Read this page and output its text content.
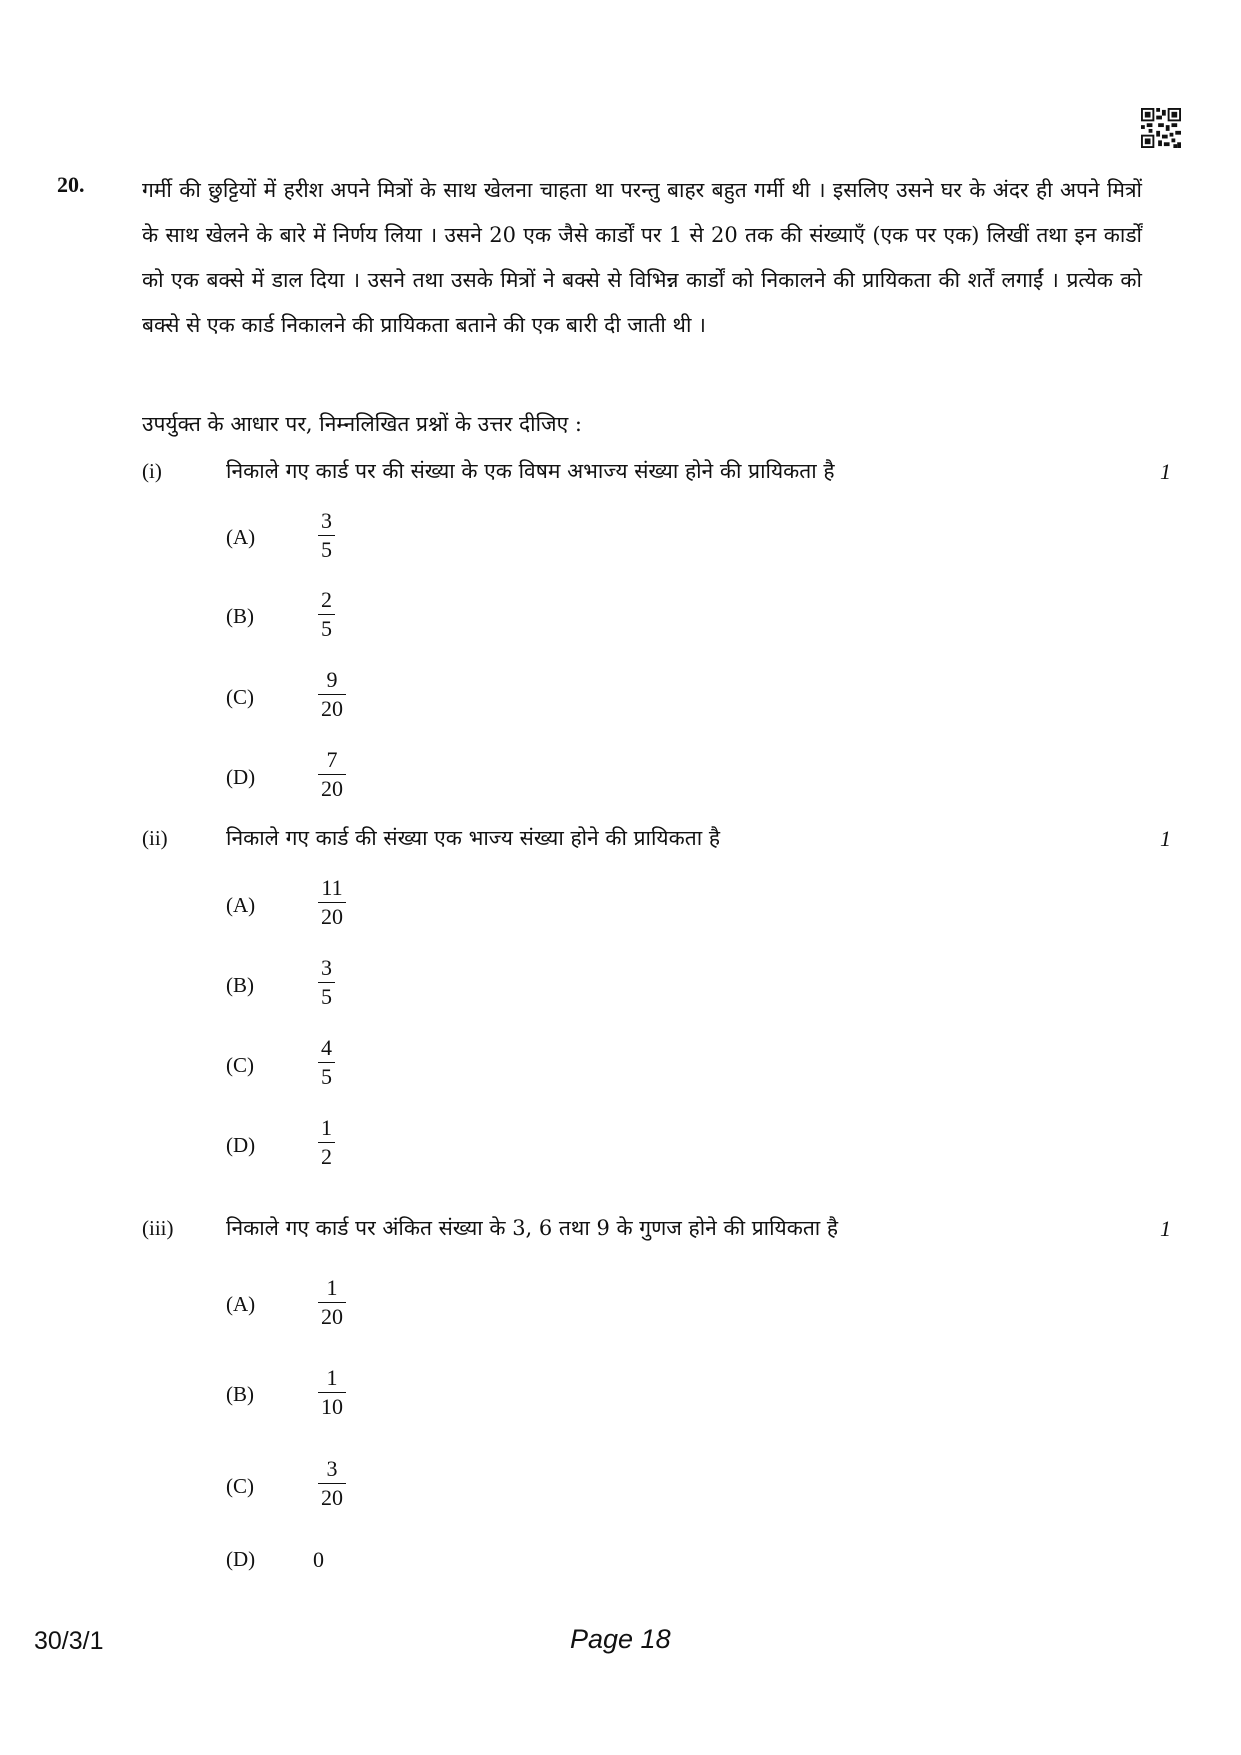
20.	गर्मी की छुट्टियों में हरीश अपने मित्रों के साथ खेलना चाहता था परन्तु बाहर बहुत गर्मी थी । इसलिए उसने घर के अंदर ही अपने मित्रों के साथ खेलने के बारे में निर्णय लिया । उसने 20 एक जैसे कार्डों पर 1 से 20 तक की संख्याएँ (एक पर एक) लिखीं तथा इन कार्डों को एक बक्से में डाल दिया । उसने तथा उसके मित्रों ने बक्से से विभिन्न कार्डों को निकालने की प्रायिकता की शर्तें लगाईं । प्रत्येक को बक्से से एक कार्ड निकालने की प्रायिकता बताने की एक बारी दी जाती थी ।

उपर्युक्त के आधार पर, निम्नलिखित प्रश्नों के उत्तर दीजिए :

(i)	निकाले गए कार्ड पर की संख्या के एक विषम अभाज्य संख्या होने की प्रायिकता है	1
(A)
3
5
(B)
2
5
(C)
9
20
(D)
7
20
(ii)	निकाले गए कार्ड की संख्या एक भाज्य संख्या होने की प्रायिकता है	1
(A)
11
20
(B)
3
5
(C)
4
5
(D)
1
2
(iii)	निकाले गए कार्ड पर अंकित संख्या के 3, 6 तथा 9 के गुणज होने की प्रायिकता है	1
(A)
1
20
(B)
1
10
(C)
3
20
(D)	0
30/3/1	Page 18
